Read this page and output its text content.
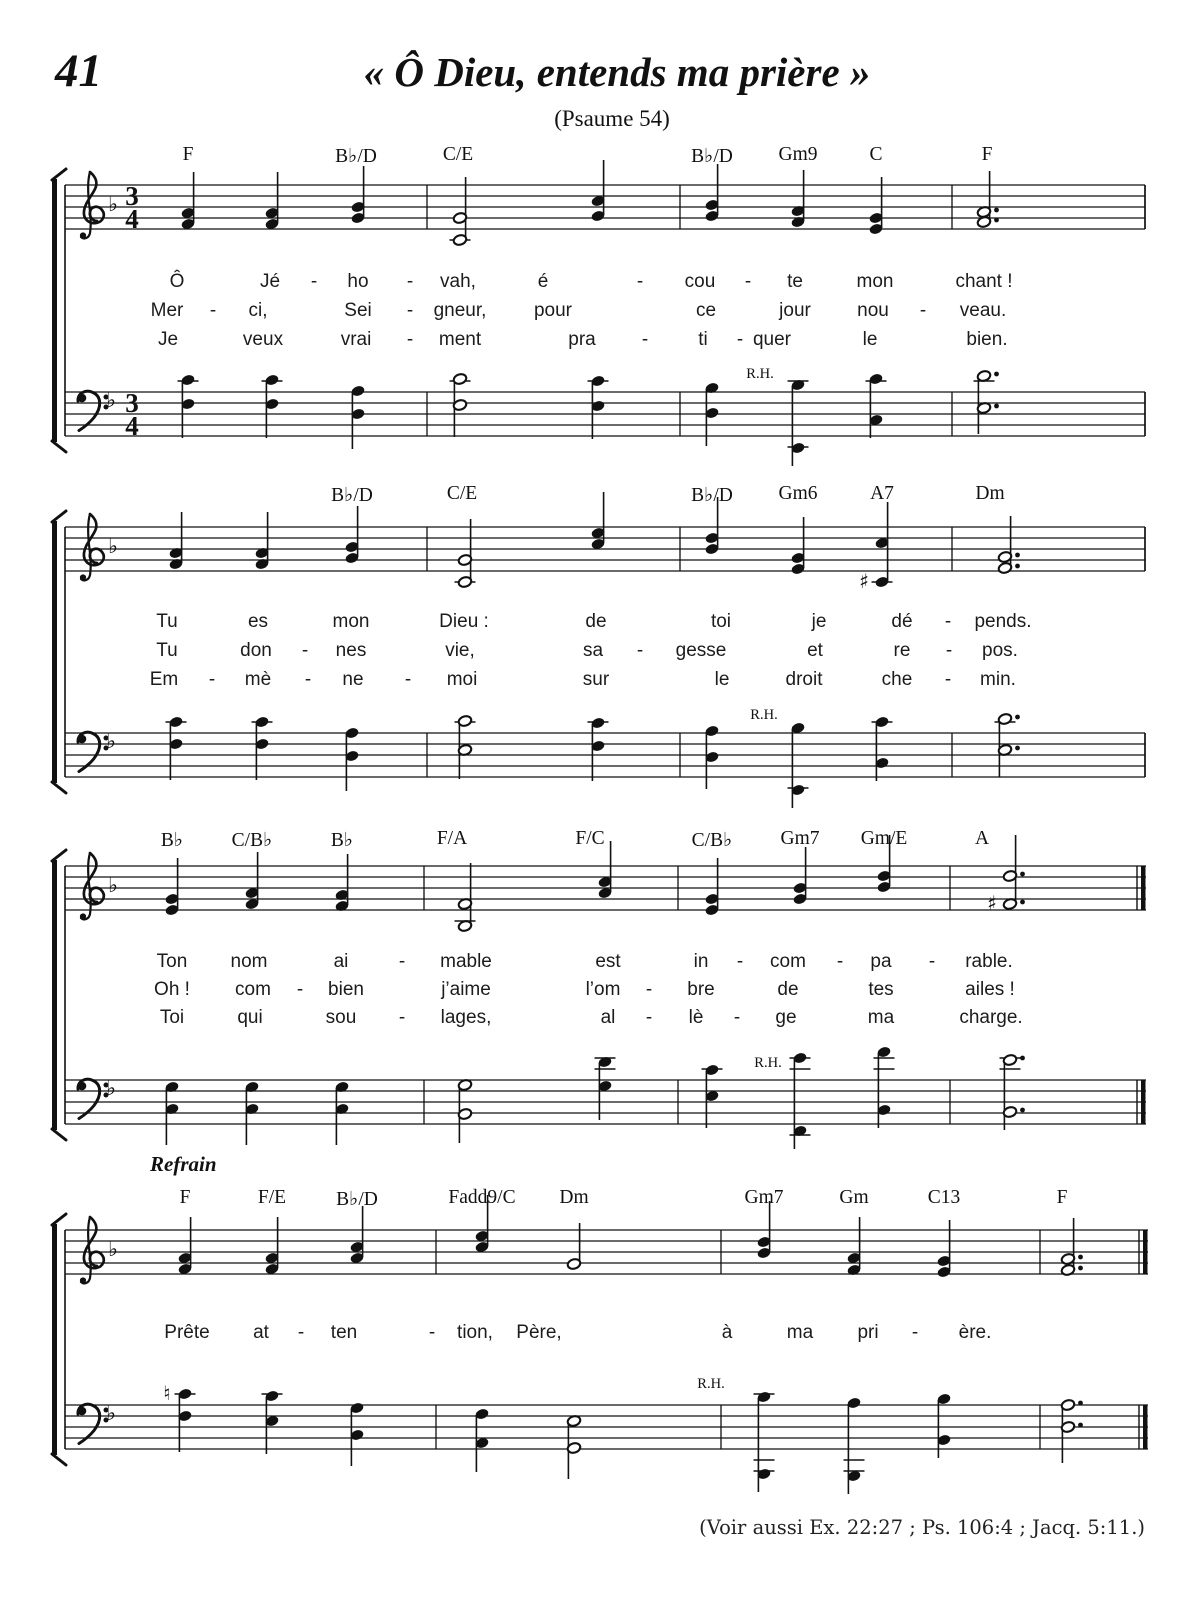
♭
♭
3
4
3
4
♭
♭
♯
♭
♭
♯
♭
♭
♮
41	« Ô Dieu, entends ma prière »
(Psaume 54)
Refrain
F	B♭/D	C/E	B♭/D Gm9	C	F
Ô	Jé - ho - vah,	é	- cou - te	mon	chant !
Mer - ci,	Sei - gneur,	pour	ce	jour nou - veau.
Je	veux	vrai - ment	pra -	ti - quer	le	bien.
R.H.
B♭/D	C/E	B♭/D Gm6	A7	Dm
Tu	es	mon	Dieu :	de	toi	je	dé - pends.
Tu	don - nes	vie,	sa - gesse	et	re - pos.
Em - mè - ne - moi	sur	le	droit	che - min.
R.H.
B♭ C/B♭	B♭	F/A	F/C	C/B♭ Gm7 Gm/E	A
Ton nom	ai	- mable	est	in - com - pa - rable.
Oh ! com - bien	j’aime	l’om - bre	de	tes	ailes !
Toi	qui	sou - lages,	al - lè - ge	ma	charge.
R.H.
F	F/E	B♭/D	Fadd9/C Dm	Gm7	Gm	C13	F
Prête at - ten	- tion, Père,	à	ma pri - ère.
R.H.
(Voir aussi Ex. 22:27 ; Ps. 106:4 ; Jacq. 5:11.)
